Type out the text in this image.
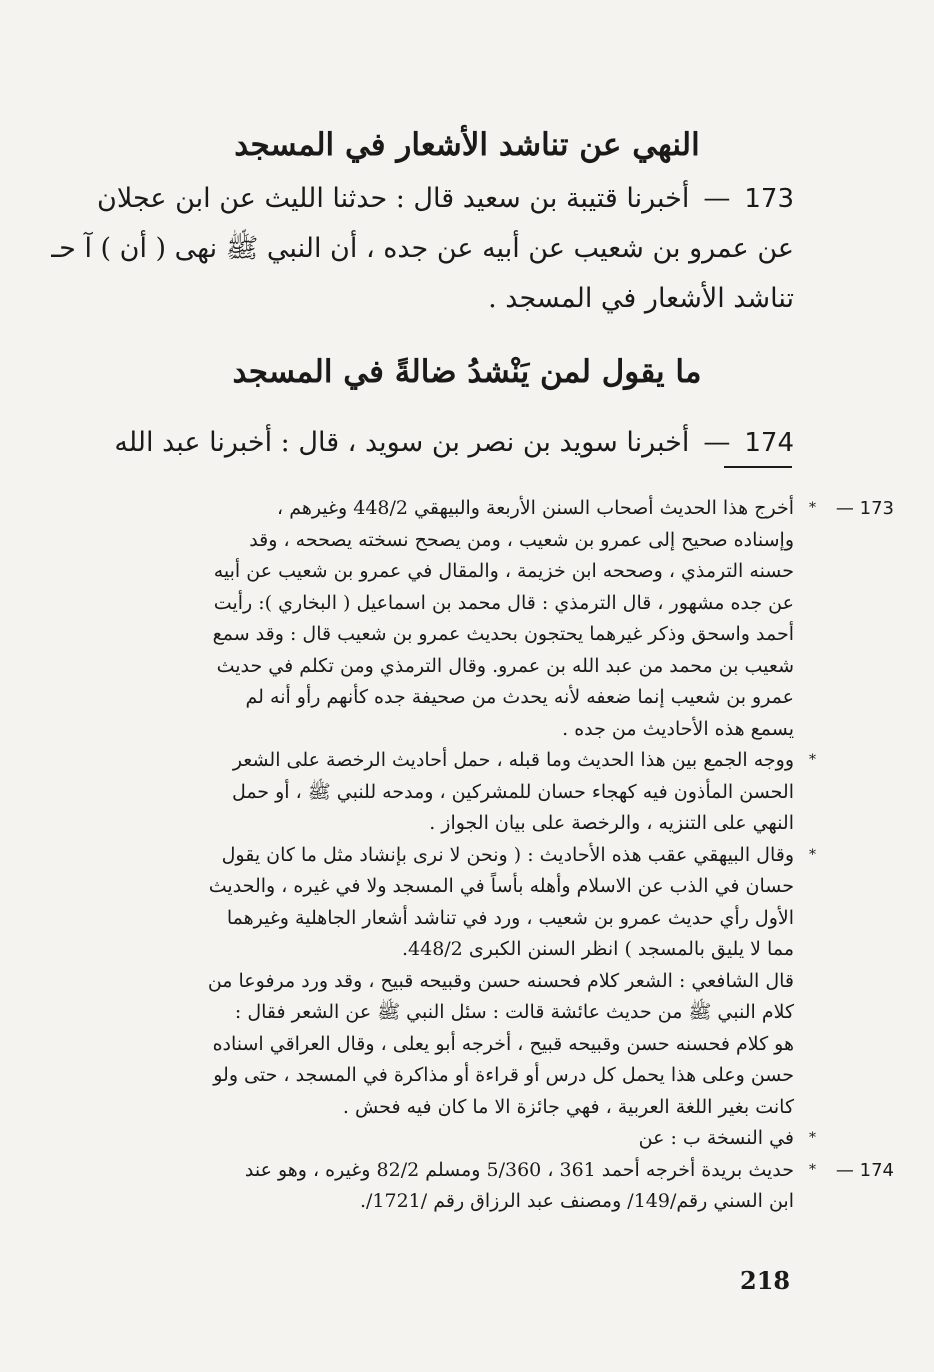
النهي عن تناشد الأشعار في المسجد
173—أخبرنا قتيبة بن سعيد قال : حدثنا الليث عن ابن عجلان
عن عمرو بن شعيب عن أبيه عن جده ، أن النبي ﷺ نهى ( أن ) آ حـ
تناشد الأشعار في المسجد .
ما يقول لمن يَنْشدُ ضالةً في المسجد
174—أخبرنا سويد بن نصر بن سويد ، قال : أخبرنا عبد الله
173 —
*
أخرج هذا الحديث أصحاب السنن الأربعة والبيهقي 448/2 وغيرهم ،
وإسناده صحيح إلى عمرو بن شعيب ، ومن يصحح نسخته يصححه ، وقد
حسنه الترمذي ، وصححه ابن خزيمة ، والمقال في عمرو بن شعيب عن أبيه
عن جده مشهور ، قال الترمذي : قال محمد بن اسماعيل ( البخاري ): رأيت
أحمد واسحق وذكر غيرهما يحتجون بحديث عمرو بن شعيب قال : وقد سمع
شعيب بن محمد من عبد الله بن عمرو. وقال الترمذي ومن تكلم في حديث
عمرو بن شعيب إنما ضعفه لأنه يحدث من صحيفة جده كأنهم رأو أنه لم
يسمع هذه الأحاديث من جده .
*
ووجه الجمع بين هذا الحديث وما قبله ، حمل أحاديث الرخصة على الشعر
الحسن المأذون فيه كهجاء حسان للمشركين ، ومدحه للنبي ﷺ ، أو حمل
النهي على التنزيه ، والرخصة على بيان الجواز .
*
وقال البيهقي عقب هذه الأحاديث : ( ونحن لا نرى بإنشاد مثل ما كان يقول
حسان في الذب عن الاسلام وأهله بأساً في المسجد ولا في غيره ، والحديث
الأول رأي حديث عمرو بن شعيب ، ورد في تناشد أشعار الجاهلية وغيرهما
مما لا يليق بالمسجد ) انظر السنن الكبرى 448/2.
قال الشافعي : الشعر كلام فحسنه حسن وقبيحه قبيح ، وقد ورد مرفوعا من
كلام النبي ﷺ من حديث عائشة قالت : سئل النبي ﷺ عن الشعر فقال :
هو كلام فحسنه حسن وقبيحه قبيح ، أخرجه أبو يعلى ، وقال العراقي اسناده
حسن وعلى هذا يحمل كل درس أو قراءة أو مذاكرة في المسجد ، حتى ولو
كانت بغير اللغة العربية ، فهي جائزة الا ما كان فيه فحش .
*
في النسخة ب : عن
174 —
*
حديث بريدة أخرجه أحمد 361 ، 5/360 ومسلم 82/2 وغيره ، وهو عند
ابن السني رقم/149/ ومصنف عبد الرزاق رقم /1721/.
218
